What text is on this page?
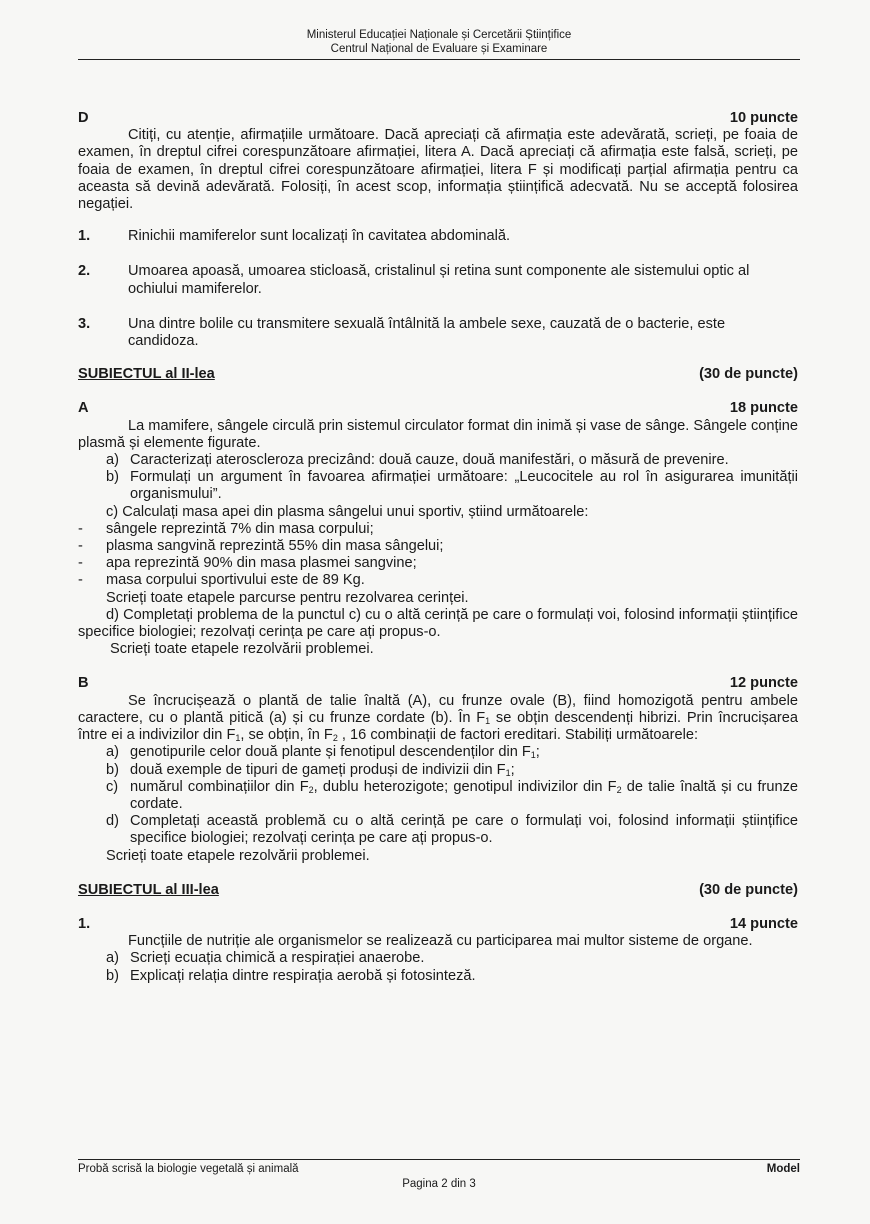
Ministerul Educației Naționale și Cercetării Științifice
Centrul Național de Evaluare și Examinare
D	10 puncte

Citiți, cu atenție, afirmațiile următoare. Dacă apreciați că afirmația este adevărată, scrieți, pe foaia de examen, în dreptul cifrei corespunzătoare afirmației, litera A. Dacă apreciați că afirmația este falsă, scrieți, pe foaia de examen, în dreptul cifrei corespunzătoare afirmației, litera F și modificați parțial afirmația pentru ca aceasta să devină adevărată. Folosiți, în acest scop, informația științifică adecvată. Nu se acceptă folosirea negației.

1.	Rinichii mamiferelor sunt localizați în cavitatea abdominală.
2.	Umoarea apoasă, umoarea sticloasă, cristalinul și retina sunt componente ale sistemului optic al ochiului mamiferelor.
3.	Una dintre bolile cu transmitere sexuală întâlnită la ambele sexe, cauzată de o bacterie, este candidoza.
SUBIECTUL al II-lea	(30 de puncte)
A	18 puncte

La mamifere, sângele circulă prin sistemul circulator format din inimă și vase de sânge. Sângele conține plasmă și elemente figurate.

a) Caracterizați ateroscleroza precizând: două cauze, două manifestări, o măsură de prevenire.
b) Formulați un argument în favoarea afirmației următoare: „Leucocitele au rol în asigurarea imunității organismului”.
c) Calculați masa apei din plasma sângelui unui sportiv, știind următoarele:
-	sângele reprezintă 7% din masa corpului;
-	plasma sangvină reprezintă 55% din masa sângelui;
-	apa reprezintă 90% din masa plasmei sangvine;
-	masa corpului sportivului este de 89 Kg.
Scrieți toate etapele parcurse pentru rezolvarea cerinței.

d) Completați problema de la punctul c) cu o altă cerință pe care o formulați voi, folosind informații științifice specifice biologiei; rezolvați cerința pe care ați propus-o.

Scrieți toate etapele rezolvării problemei.
B	12 puncte

Se încrucișează o plantă de talie înaltă (A), cu frunze ovale (B), fiind homozigotă pentru ambele caractere, cu o plantă pitică (a) și cu frunze cordate (b). În $F_1$ se obțin descendenți hibrizi. Prin încrucișarea între ei a indivizilor din $F_1$, se obțin, în $F_2$ , 16 combinații de factori ereditari. Stabiliți următoarele:

a) genotipurile celor două plante și fenotipul descendenților din $F_1$;
b) două exemple de tipuri de gameți produși de indivizii din $F_1$;
c) numărul combinațiilor din $F_2$, dublu heterozigote; genotipul indivizilor din $F_2$ de talie înaltă și cu frunze cordate.
d) Completați această problemă cu o altă cerință pe care o formulați voi, folosind informații științifice specifice biologiei; rezolvați cerința pe care ați propus-o.
Scrieți toate etapele rezolvării problemei.
SUBIECTUL al III-lea	(30 de puncte)
1.	14 puncte

Funcțiile de nutriție ale organismelor se realizează cu participarea mai multor sisteme de organe.

a) Scrieți ecuația chimică a respirației anaerobe.
b) Explicați relația dintre respirația aerobă și fotosinteză.
Probă scrisă la biologie vegetală și animală	Model
Pagina 2 din 3
